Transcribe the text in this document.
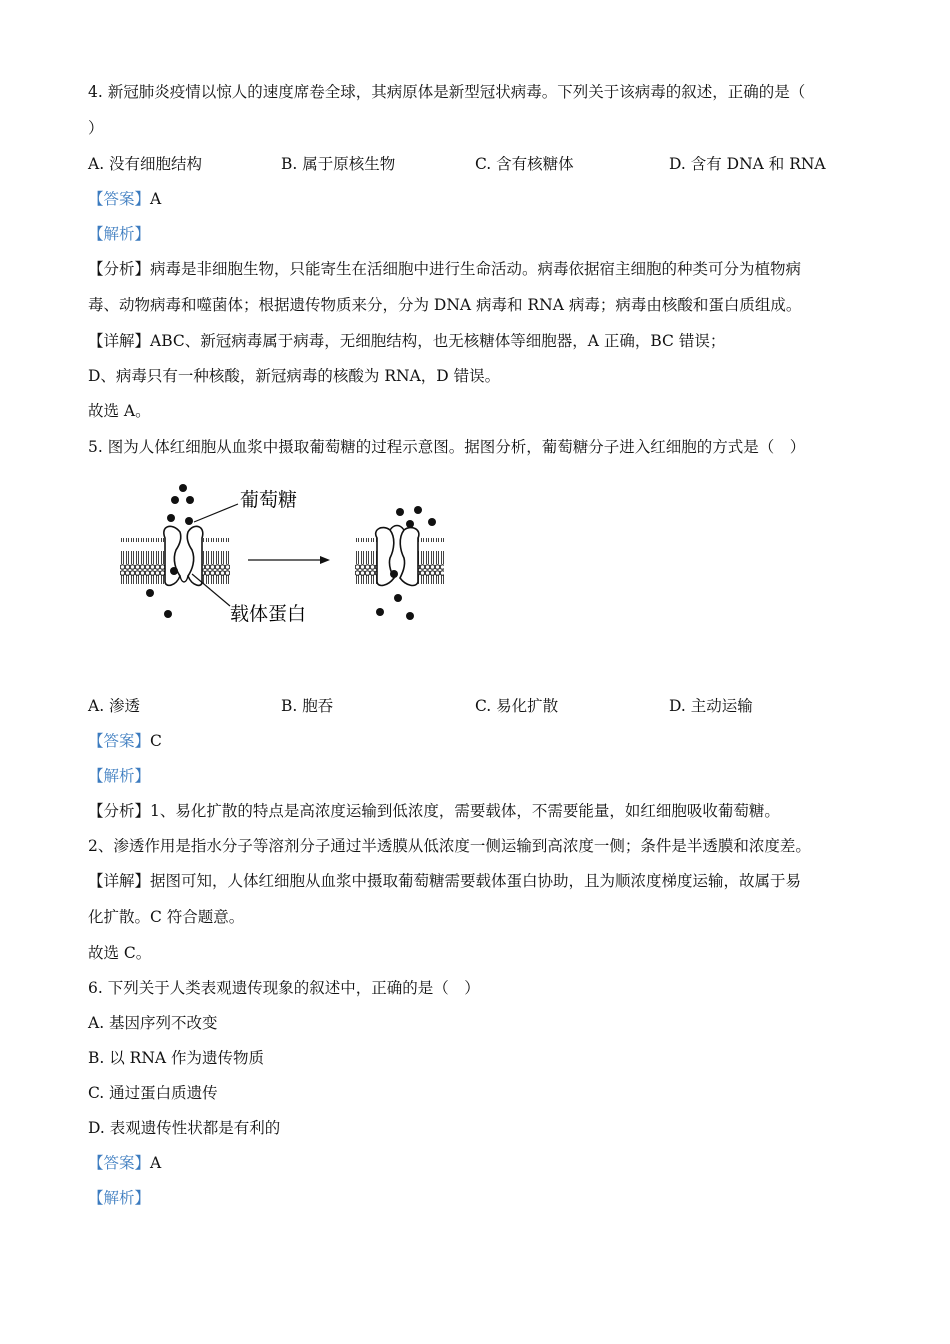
4. 新冠肺炎疫情以惊人的速度席卷全球，其病原体是新型冠状病毒。下列关于该病毒的叙述，正确的是（
）
A. 没有细胞结构	B. 属于原核生物	C. 含有核糖体	D. 含有 DNA 和 RNA
【答案】A
【解析】
【分析】病毒是非细胞生物，只能寄生在活细胞中进行生命活动。病毒依据宿主细胞的种类可分为植物病
毒、动物病毒和噬菌体；根据遗传物质来分，分为 DNA 病毒和 RNA 病毒；病毒由核酸和蛋白质组成。
【详解】ABC、新冠病毒属于病毒，无细胞结构，也无核糖体等细胞器，A 正确，BC 错误；
D、病毒只有一种核酸，新冠病毒的核酸为 RNA，D 错误。
故选 A。
5. 图为人体红细胞从血浆中摄取葡萄糖的过程示意图。据图分析，葡萄糖分子进入红细胞的方式是（　）
葡萄糖
载体蛋白
A. 渗透	B. 胞吞	C. 易化扩散	D. 主动运输
【答案】C
【解析】
【分析】1、易化扩散的特点是高浓度运输到低浓度，需要载体，不需要能量，如红细胞吸收葡萄糖。
2、渗透作用是指水分子等溶剂分子通过半透膜从低浓度一侧运输到高浓度一侧；条件是半透膜和浓度差。
【详解】据图可知，人体红细胞从血浆中摄取葡萄糖需要载体蛋白协助，且为顺浓度梯度运输，故属于易
化扩散。C 符合题意。
故选 C。
6. 下列关于人类表观遗传现象的叙述中，正确的是（　）
A. 基因序列不改变
B. 以 RNA 作为遗传物质
C. 通过蛋白质遗传
D. 表观遗传性状都是有利的
【答案】A
【解析】
